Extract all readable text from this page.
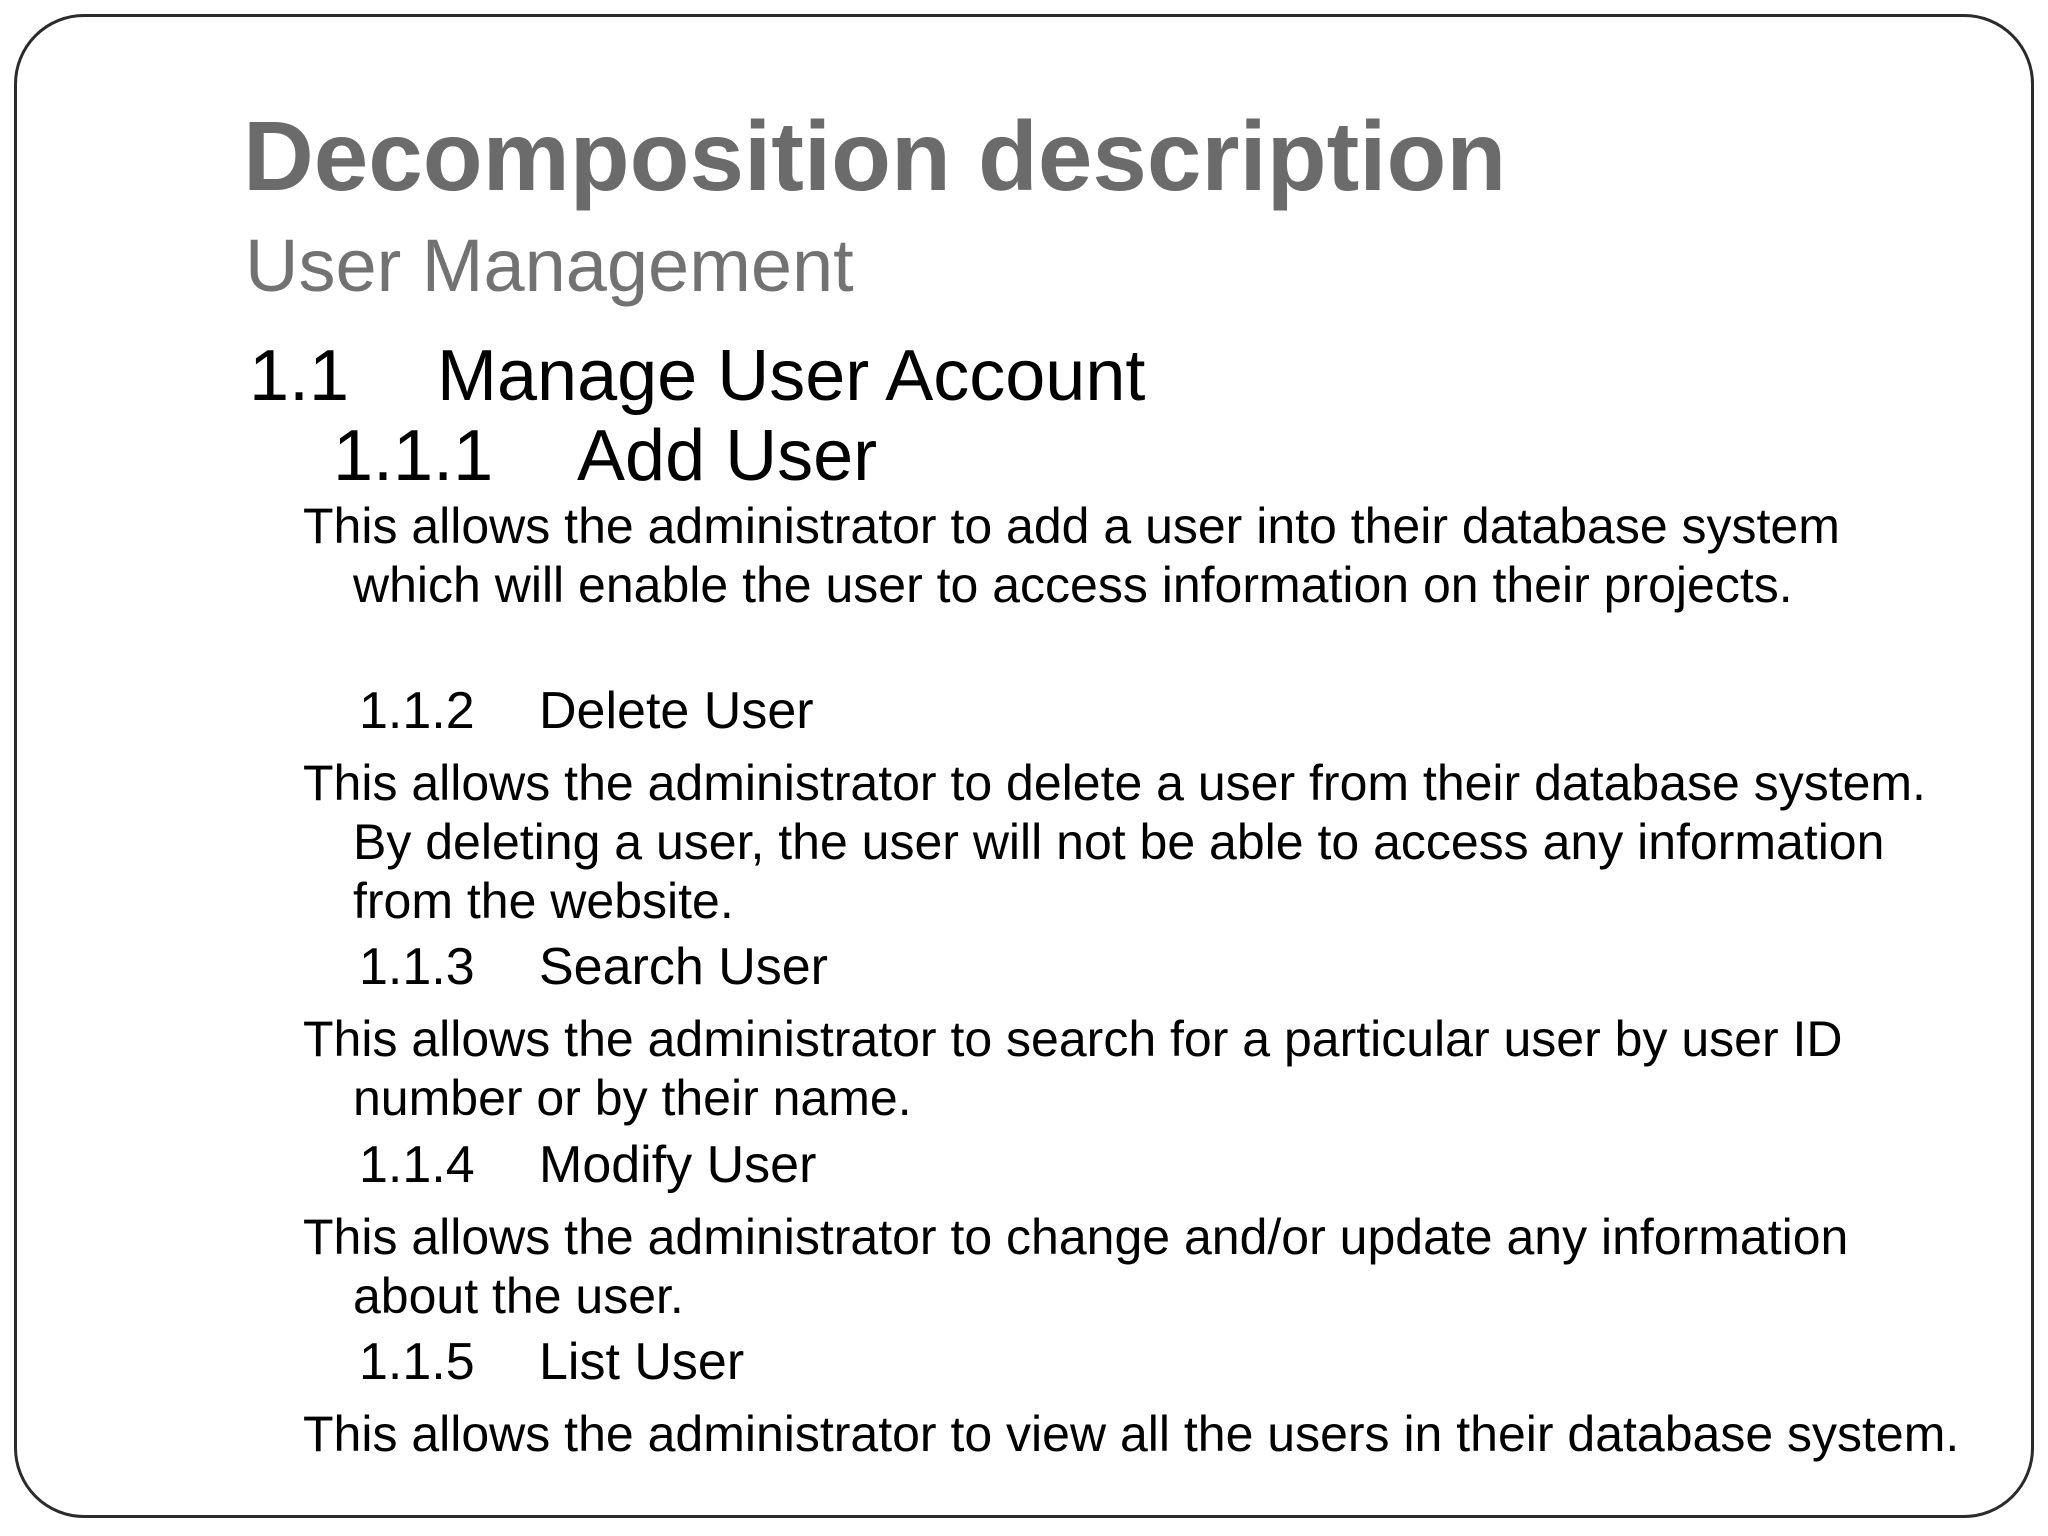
Decomposition description
User Management
1.1 Manage User Account
1.1.1 Add User
This allows the administrator to add a user into their database system which will enable the user to access information on their projects.
1.1.2 Delete User
This allows the administrator to delete a user from their database system. By deleting a user, the user will not be able to access any information from the website.
1.1.3 Search User
This allows the administrator to search for a particular user by user ID number or by their name.
1.1.4 Modify User
This allows the administrator to change and/or update any information about the user.
1.1.5 List User
This allows the administrator to view all the users in their database system.
